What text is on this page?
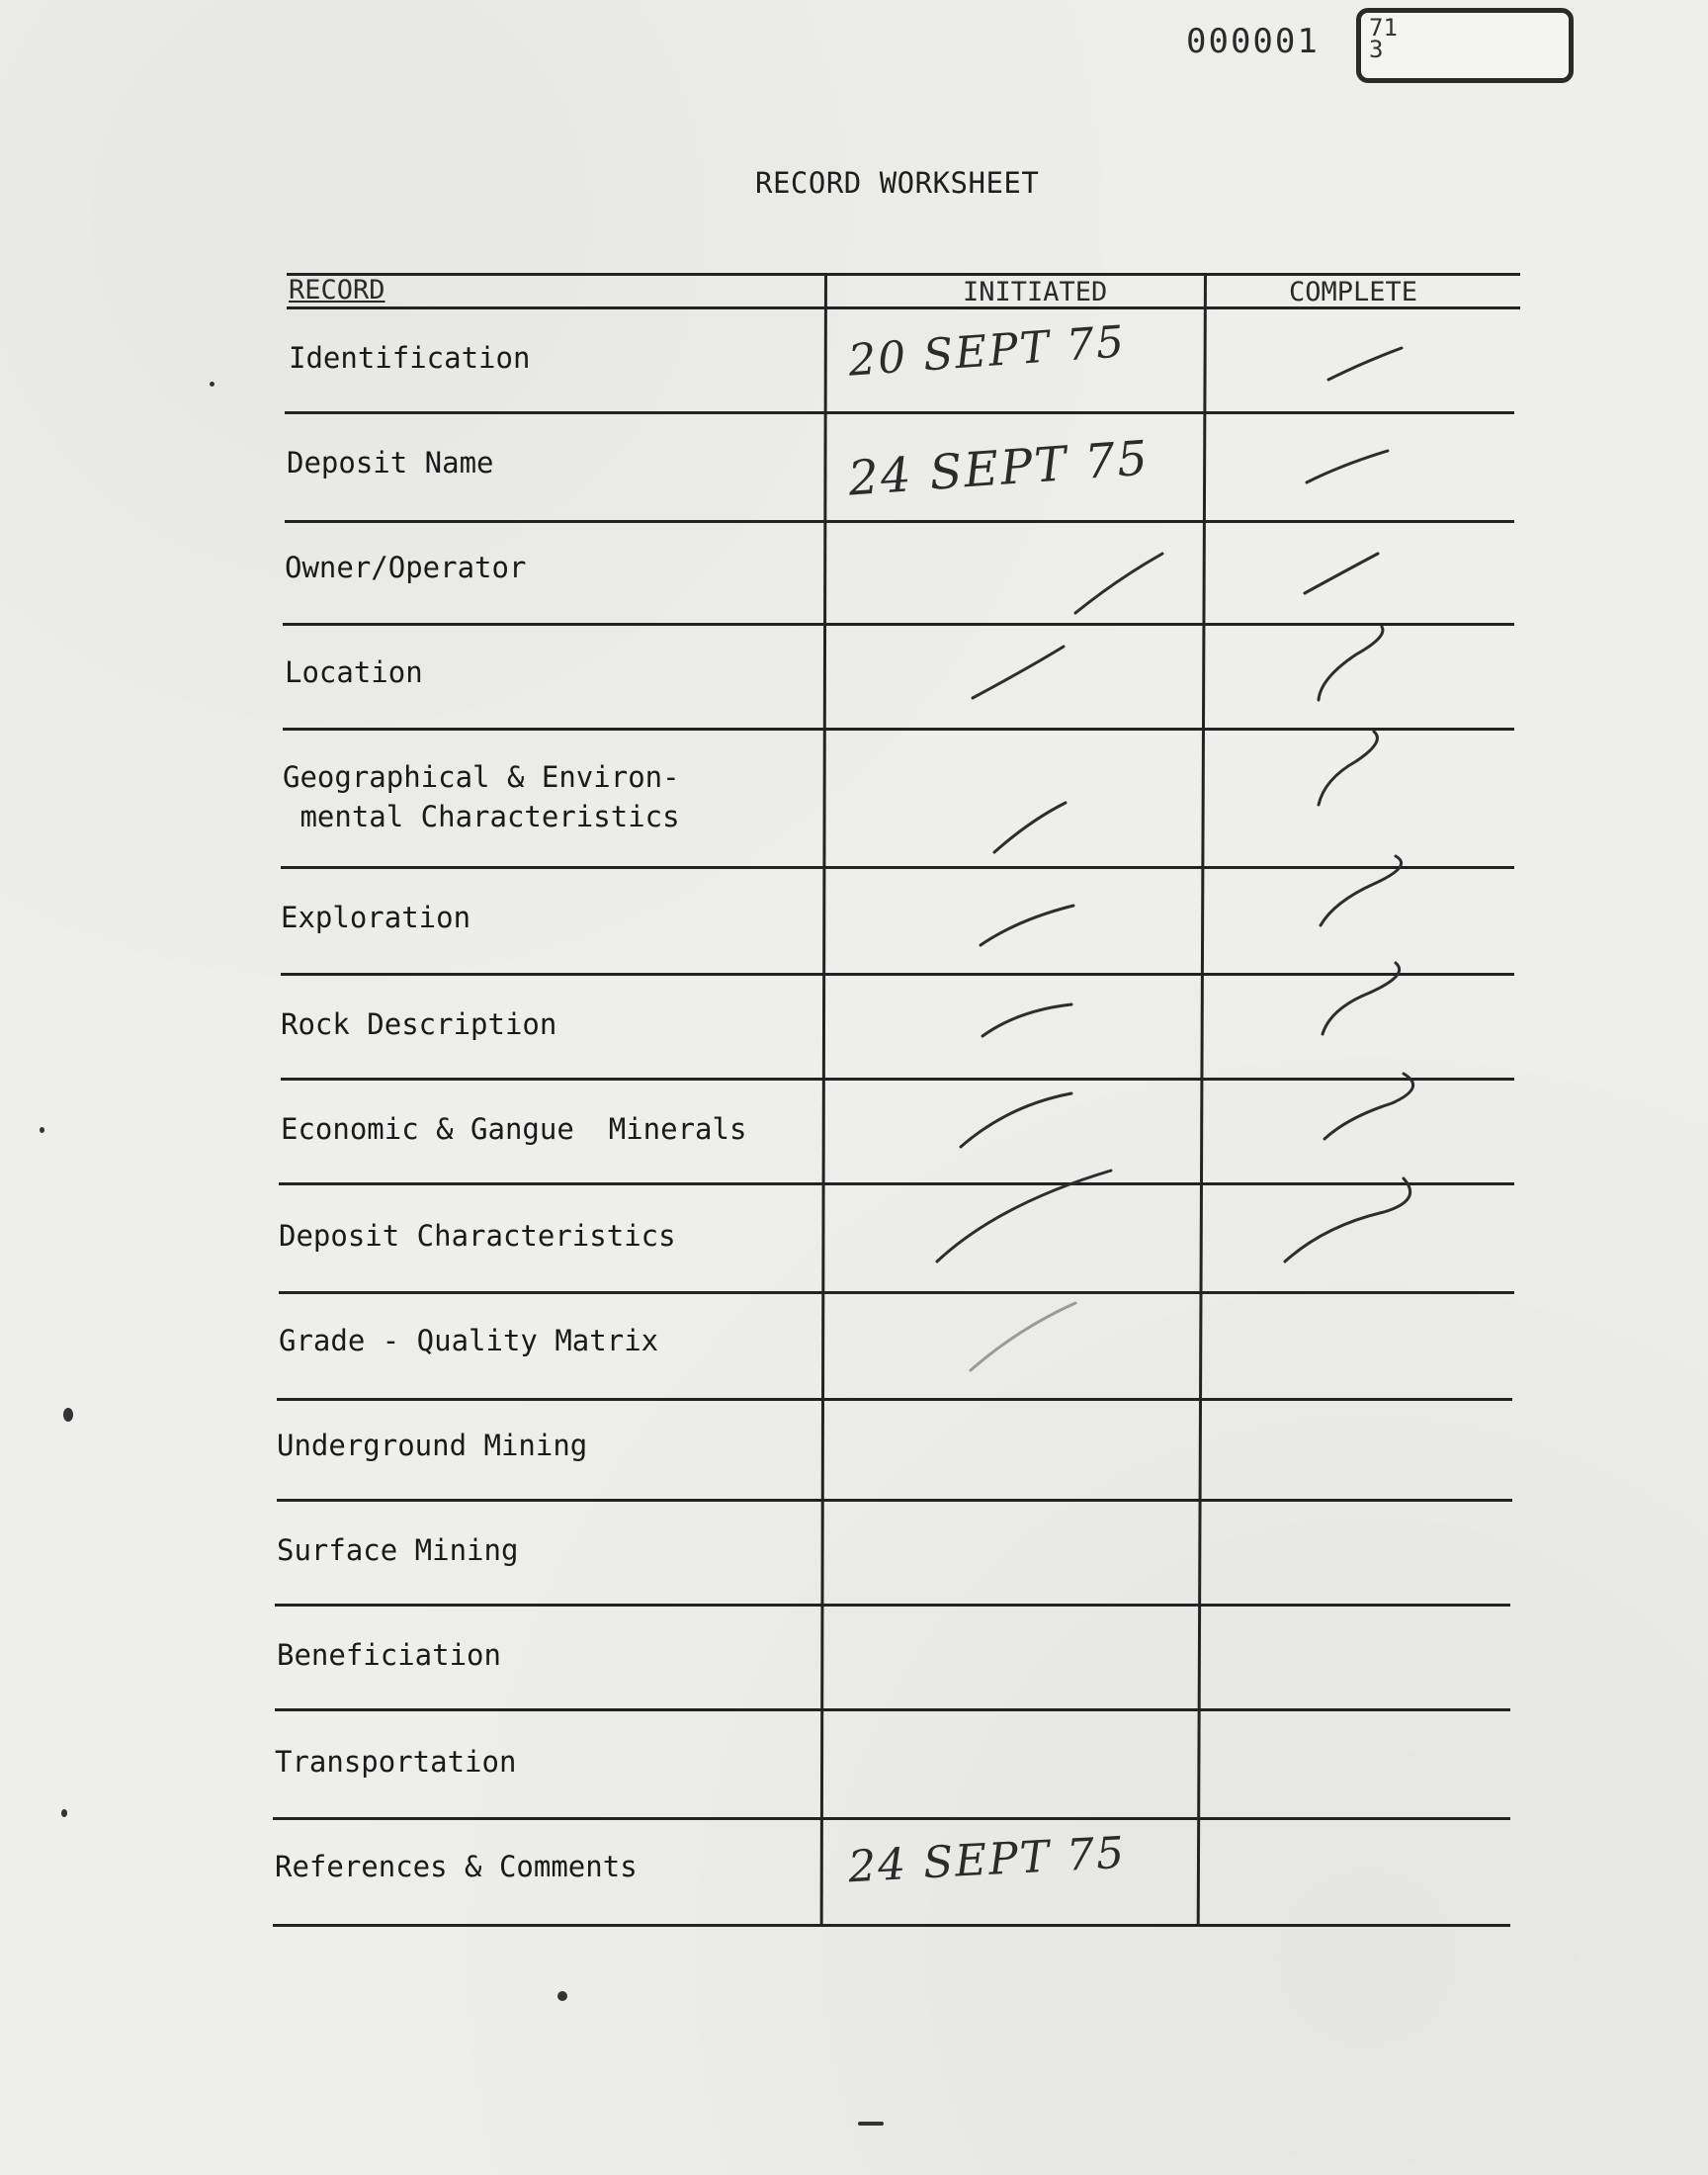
000001 71
3
RECORD WORKSHEET
RECORD	INITIATED	COMPLETE
Identification
Deposit Name
Owner/Operator
Location
Geographical & Environ-
mental Characteristics
Exploration
Rock Description
Economic & Gangue  Minerals
Deposit Characteristics
Grade - Quality Matrix
Underground Mining
Surface Mining
Beneficiation
Transportation
References & Comments
20 SEPT 75
24 SEPT 75
24 SEPT 75
